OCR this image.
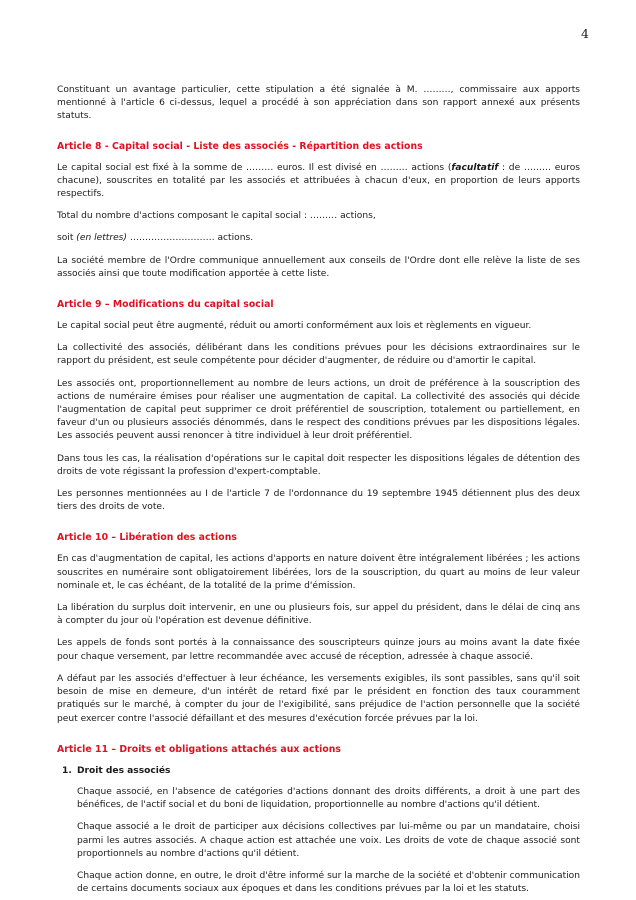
4

Constituant un avantage particulier, cette stipulation a été signalée à M. ………, commissaire aux apports mentionné à l'article 6 ci-dessus, lequel a procédé à son appréciation dans son rapport annexé aux présents statuts.

Article 8 - Capital social - Liste des associés - Répartition des actions

Le capital social est fixé à la somme de ……… euros. Il est divisé en ……… actions (facultatif : de ……… euros chacune), souscrites en totalité par les associés et attribuées à chacun d'eux, en proportion de leurs apports respectifs.

Total du nombre d'actions composant le capital social : ……… actions,

soit (en lettres) ………………………. actions.

La société membre de l'Ordre communique annuellement aux conseils de l'Ordre dont elle relève la liste de ses associés ainsi que toute modification apportée à cette liste.

Article 9 – Modifications du capital social

Le capital social peut être augmenté, réduit ou amorti conformément aux lois et règlements en vigueur.

La collectivité des associés, délibérant dans les conditions prévues pour les décisions extraordinaires sur le rapport du président, est seule compétente pour décider d'augmenter, de réduire ou d'amortir le capital.

Les associés ont, proportionnellement au nombre de leurs actions, un droit de préférence à la souscription des actions de numéraire émises pour réaliser une augmentation de capital. La collectivité des associés qui décide l'augmentation de capital peut supprimer ce droit préférentiel de souscription, totalement ou partiellement, en faveur d'un ou plusieurs associés dénommés, dans le respect des conditions prévues par les dispositions légales. Les associés peuvent aussi renoncer à titre individuel à leur droit préférentiel.

Dans tous les cas, la réalisation d'opérations sur le capital doit respecter les dispositions légales de détention des droits de vote régissant la profession d'expert-comptable.

Les personnes mentionnées au I de l'article 7 de l'ordonnance du 19 septembre 1945 détiennent plus des deux tiers des droits de vote.

Article 10 – Libération des actions

En cas d'augmentation de capital, les actions d'apports en nature doivent être intégralement libérées ; les actions souscrites en numéraire sont obligatoirement libérées, lors de la souscription, du quart au moins de leur valeur nominale et, le cas échéant, de la totalité de la prime d'émission.

La libération du surplus doit intervenir, en une ou plusieurs fois, sur appel du président, dans le délai de cinq ans à compter du jour où l'opération est devenue définitive.

Les appels de fonds sont portés à la connaissance des souscripteurs quinze jours au moins avant la date fixée pour chaque versement, par lettre recommandée avec accusé de réception, adressée à chaque associé.

A défaut par les associés d'effectuer à leur échéance, les versements exigibles, ils sont passibles, sans qu'il soit besoin de mise en demeure, d'un intérêt de retard fixé par le président en fonction des taux couramment pratiqués sur le marché, à compter du jour de l'exigibilité, sans préjudice de l'action personnelle que la société peut exercer contre l'associé défaillant et des mesures d'exécution forcée prévues par la loi.

Article 11 – Droits et obligations attachés aux actions
1. Droit des associés

Chaque associé, en l'absence de catégories d'actions donnant des droits différents, a droit à une part des bénéfices, de l'actif social et du boni de liquidation, proportionnelle au nombre d'actions qu'il détient.

Chaque associé a le droit de participer aux décisions collectives par lui-même ou par un mandataire, choisi parmi les autres associés. A chaque action est attachée une voix. Les droits de vote de chaque associé sont proportionnels au nombre d'actions qu'il détient.

Chaque action donne, en outre, le droit d'être informé sur la marche de la société et d'obtenir communication de certains documents sociaux aux époques et dans les conditions prévues par la loi et les statuts.
